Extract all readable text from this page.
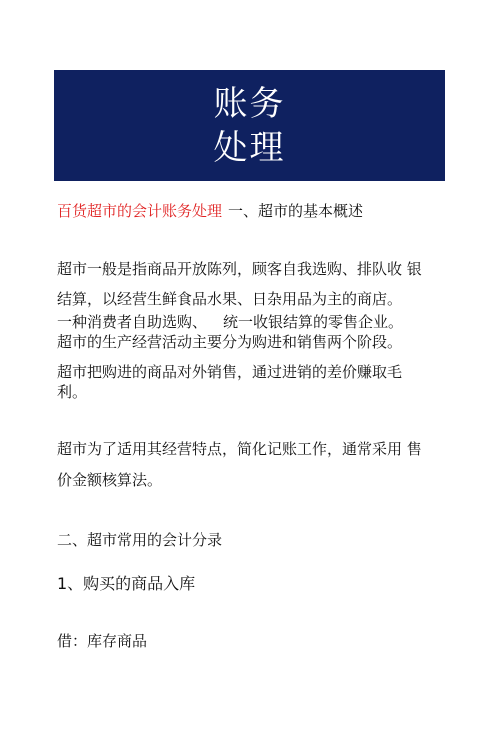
账务
处理
百货超市的会计账务处理 一、超市的基本概述
超市一般是指商品开放陈列，顾客自我选购、排队收 银
结算，以经营生鲜食品水果、日杂用品为主的商店。
一种消费者自助选购、 统一收银结算的零售企业。
超市的生产经营活动主要分为购进和销售两个阶段。
超市把购进的商品对外销售，通过进销的差价赚取毛利。
超市为了适用其经营特点，简化记账工作，通常采用 售
价金额核算法。
二、超市常用的会计分录
1、购买的商品入库
借：库存商品
